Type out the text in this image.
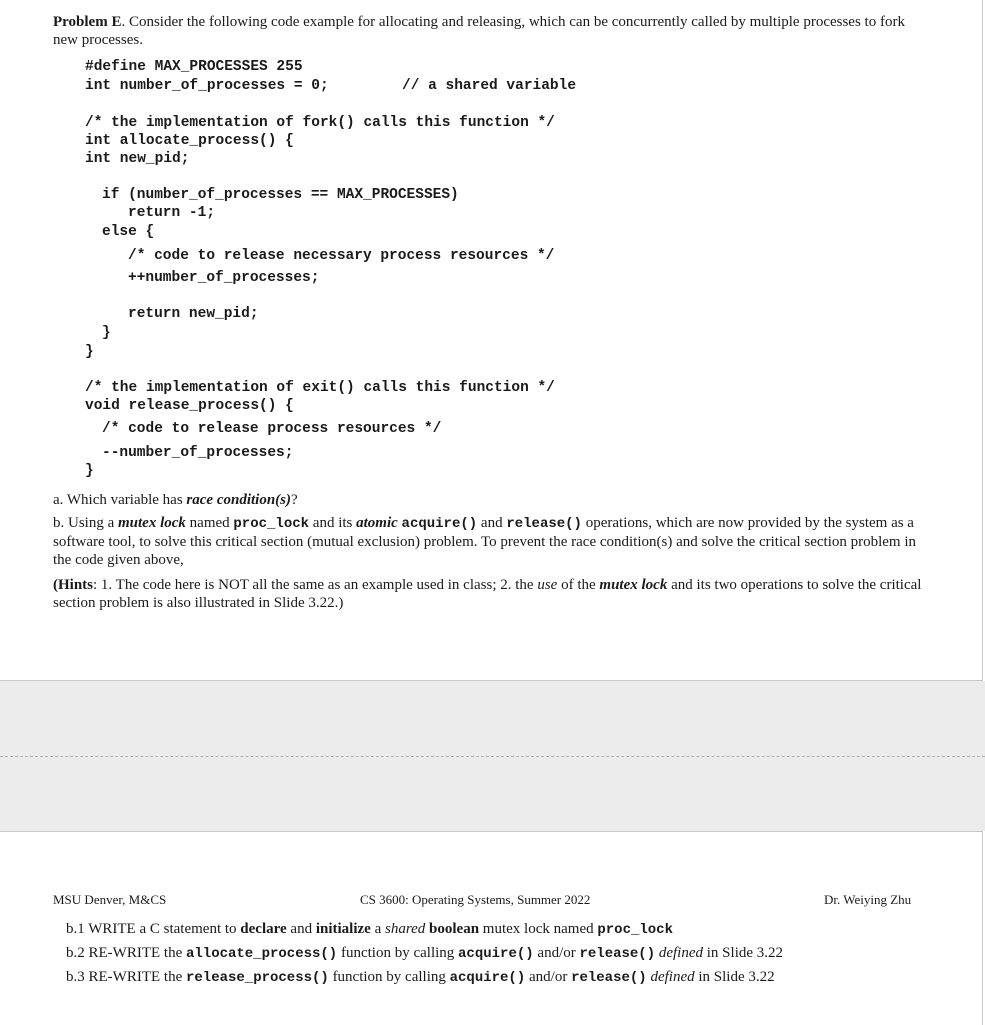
Problem E. Consider the following code example for allocating and releasing, which can be concurrently called by multiple processes to fork new processes.

#define MAX_PROCESSES 255
int number_of_processes = 0;	// a shared variable
/* the implementation of fork() calls this function */
int allocate_process() {
int new_pid;
if (number_of_processes == MAX_PROCESSES)
return -1;
else {
/* code to release necessary process resources */
++number_of_processes;
return new_pid;
}
}
/* the implementation of exit() calls this function */
void release_process() {
/* code to release process resources */
--number_of_processes;
}

a. Which variable has race condition(s)?

b. Using a mutex lock named proc_lock and its atomic acquire() and release() operations, which are now provided by the system as a software tool, to solve this critical section (mutual exclusion) problem. To prevent the race condition(s) and solve the critical section problem in the code given above,

(Hints: 1. The code here is NOT all the same as an example used in class; 2. the use of the mutex lock and its two operations to solve the critical section problem is also illustrated in Slide 3.22.)

MSU Denver, M&CS	CS 3600: Operating Systems, Summer 2022	Dr. Weiying Zhu
b.1 WRITE a C statement to declare and initialize a shared boolean mutex lock named proc_lock
b.2 RE-WRITE the allocate_process() function by calling acquire() and/or release() defined in Slide 3.22
b.3 RE-WRITE the release_process() function by calling acquire() and/or release() defined in Slide 3.22
